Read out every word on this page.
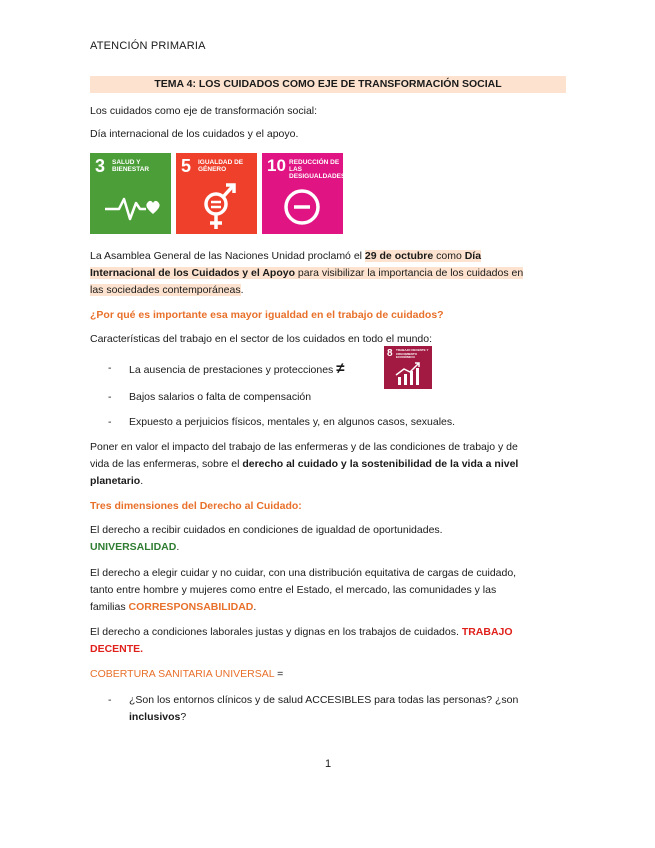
ATENCIÓN PRIMARIA
TEMA 4: LOS CUIDADOS COMO EJE DE TRANSFORMACIÓN SOCIAL
Los cuidados como eje de transformación social:
Día internacional de los cuidados y el apoyo.
3 SALUD Y BIENESTAR	5 IGUALDAD DE GÉNERO	10 REDUCCIÓN DE LAS DESIGUALDADES
La Asamblea General de las Naciones Unidad proclamó el 29 de octubre como Día
Internacional de los Cuidados y el Apoyo para visibilizar la importancia de los cuidados en
las sociedades contemporáneas.
¿Por qué es importante esa mayor igualdad en el trabajo de cuidados?
Características del trabajo en el sector de los cuidados en todo el mundo:
- La ausencia de prestaciones y protecciones ≠
8 TRABAJO DECENTE Y CRECIMIENTO ECONÓMICO
- Bajos salarios o falta de compensación
- Expuesto a perjuicios físicos, mentales y, en algunos casos, sexuales.
Poner en valor el impacto del trabajo de las enfermeras y de las condiciones de trabajo y de
vida de las enfermeras, sobre el derecho al cuidado y la sostenibilidad de la vida a nivel
planetario.
Tres dimensiones del Derecho al Cuidado:
El derecho a recibir cuidados en condiciones de igualdad de oportunidades.
UNIVERSALIDAD.
El derecho a elegir cuidar y no cuidar, con una distribución equitativa de cargas de cuidado,
tanto entre hombre y mujeres como entre el Estado, el mercado, las comunidades y las
familias CORRESPONSABILIDAD.
El derecho a condiciones laborales justas y dignas en los trabajos de cuidados. TRABAJO
DECENTE.
COBERTURA SANITARIA UNIVERSAL =
- ¿Son los entornos clínicos y de salud ACCESIBLES para todas las personas? ¿son
inclusivos?
1
